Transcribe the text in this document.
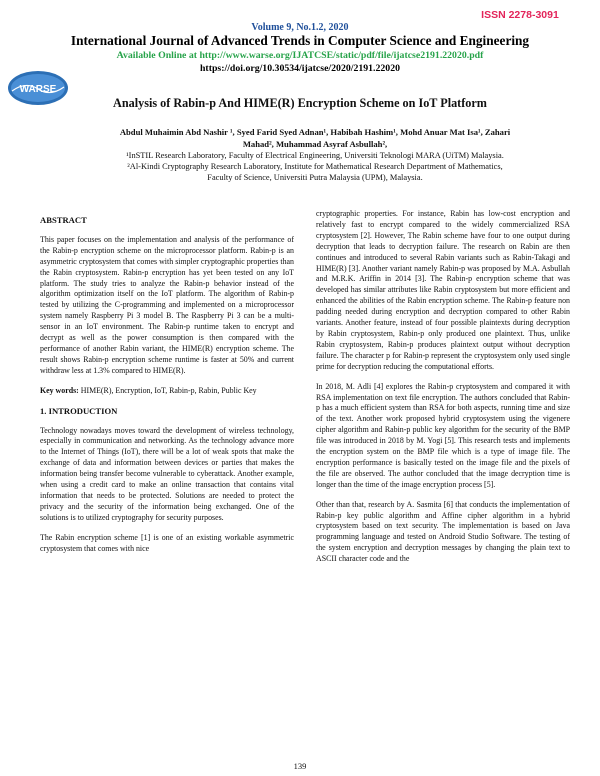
ISSN 2278-3091
Volume 9, No.1.2, 2020
International Journal of Advanced Trends in Computer Science and Engineering
Available Online at http://www.warse.org/IJATCSE/static/pdf/file/ijatcse2191.22020.pdf
https://doi.org/10.30534/ijatcse/2020/2191.22020
WARSE
Analysis of Rabin-p And HIME(R) Encryption Scheme on IoT Platform
Abdul Muhaimin Abd Nashir ¹, Syed Farid Syed Adnan¹, Habibah Hashim¹, Mohd Anuar Mat Isa¹, Zahari
Mahad², Muhammad Asyraf Asbullah²,
¹InSTIL Research Laboratory, Faculty of Electrical Engineering, Universiti Teknologi MARA (UiTM) Malaysia.
²Al-Kindi Cryptography Research Laboratory, Institute for Mathematical Research Department of Mathematics,
Faculty of Science, Universiti Putra Malaysia (UPM), Malaysia.
ABSTRACT

This paper focuses on the implementation and analysis of the performance of the Rabin-p encryption scheme on the microprocessor platform. Rabin-p is an asymmetric cryptosystem that comes with simpler cryptographic properties than the Rabin cryptosystem. Rabin-p encryption has yet been tested on any IoT platform. The study tries to analyze the Rabin-p behavior instead of the algorithm optimization itself on the IoT platform. The algorithm of Rabin-p tested by utilizing the C-programming and implemented on a microprocessor system namely Raspberry Pi 3 model B. The Raspberry Pi 3 can be a multi-sensor in an IoT environment. The Rabin-p runtime taken to encrypt and decrypt as well as the power consumption is then compared with the performance of another Rabin variant, the HIME(R) encryption scheme. The result shows Rabin-p encryption scheme runtime is faster at 50% and current withdraw less at 1.3% compared to HIME(R).

Key words: HIME(R), Encryption, IoT, Rabin-p, Rabin, Public Key

1. INTRODUCTION

Technology nowadays moves toward the development of wireless technology, especially in communication and networking. As the technology advance more to the Internet of Things (IoT), there will be a lot of weak spots that make the exchange of data and information between devices or parties that makes the information being transfer become vulnerable to cyberattack. Another example, when using a credit card to make an online transaction that contains vital information that needs to be protected. Solutions are needed to protect the privacy and the security of the information being exchanged. One of the solutions is to utilized cryptography for security purposes.

The Rabin encryption scheme [1] is one of an existing workable asymmetric cryptosystem that comes with nice

cryptographic properties. For instance, Rabin has low-cost encryption and relatively fast to encrypt compared to the widely commercialized RSA cryptosystem [2]. However, The Rabin scheme have four to one output during decryption that leads to decryption failure. The research on Rabin are then continues and introduced to several Rabin variants such as Rabin-Takagi and HIME(R) [3]. Another variant namely Rabin-p was proposed by M.A. Asbullah and M.R.K. Ariffin in 2014 [3]. The Rabin-p encryption scheme that was developed has similar attributes like Rabin cryptosystem but more efficient and enhanced the abilities of the Rabin encryption scheme. The Rabin-p feature non padding needed during encryption and decryption compared to other Rabin variants. Another feature, instead of four possible plaintexts during decryption by Rabin cryptosystem, Rabin-p only produced one plaintext. Thus, unlike Rabin cryptosystem, Rabin-p produces plaintext output without decryption failure. The character p for Rabin-p represent the cryptosystem only used single prime for decryption reducing the computational efforts.

In 2018, M. Adli [4] explores the Rabin-p cryptosystem and compared it with RSA implementation on text file encryption. The authors concluded that Rabin-p has a much efficient system than RSA for both aspects, running time and size of the text. Another work proposed hybrid cryptosystem using the vigenere cipher algorithm and Rabin-p public key algorithm for the security of the BMP file was introduced in 2018 by M. Yogi [5]. This research tests and implements the encryption system on the BMP file which is a type of image file. The encryption performance is basically tested on the image file and the pixels of the file are observed. The author concluded that the image decryption time is longer than the time of the image encryption process [5].

Other than that, research by A. Sasmita [6] that conducts the implementation of Rabin-p key public algorithm and Affine cipher algorithm in a hybrid cryptosystem based on text security. The implementation is based on Java programming language and tested on Android Studio Software. The testing of the system encryption and decryption messages by changing the plain text to ASCII character code and the

139
